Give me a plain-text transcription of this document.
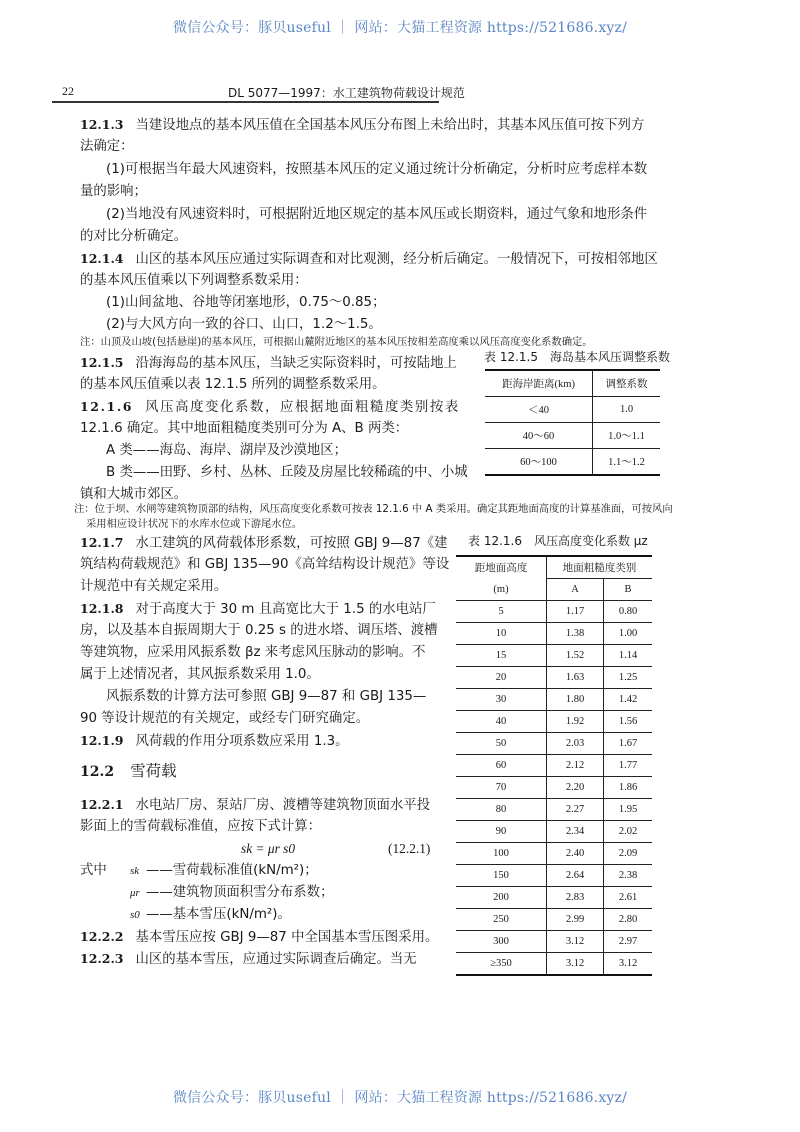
微信公众号：豚贝useful ｜ 网站：大猫工程资源 https://521686.xyz/
22	DL 5077—1997：水工建筑物荷载设计规范

12.1.3 当建设地点的基本风压值在全国基本风压分布图上未给出时，其基本风压值可按下列方

法确定：

(1)可根据当年最大风速资料，按照基本风压的定义通过统计分析确定，分析时应考虑样本数

量的影响；

(2)当地没有风速资料时，可根据附近地区规定的基本风压或长期资料，通过气象和地形条件

的对比分析确定。

12.1.4 山区的基本风压应通过实际调查和对比观测，经分析后确定。一般情况下，可按相邻地区

的基本风压值乘以下列调整系数采用：

(1)山间盆地、谷地等闭塞地形，0.75～0.85；

(2)与大风方向一致的谷口、山口，1.2～1.5。

注：山顶及山坡(包括悬崖)的基本风压，可根据山麓附近地区的基本风压按相差高度乘以风压高度变化系数确定。

12.1.5 沿海海岛的基本风压，当缺乏实际资料时，可按陆地上

的基本风压值乘以表 12.1.5 所列的调整系数采用。

12.1.6 风压高度变化系数，应根据地面粗糙度类别按表

12.1.6 确定。其中地面粗糙度类别可分为 A、B 两类：

A 类——海岛、海岸、湖岸及沙漠地区；

B 类——田野、乡村、丛林、丘陵及房屋比较稀疏的中、小城

镇和大城市郊区。

注：位于坝、水闸等建筑物顶部的结构，风压高度变化系数可按表 12.1.6 中 A 类采用。确定其距地面高度的计算基准面，可按风向
采用相应设计状况下的水库水位或下游尾水位。
表 12.1.5　海岛基本风压调整系数
距海岸距离(km)	调整系数
＜40	1.0
40～60	1.0～1.1
60～100	1.1～1.2

12.1.7 水工建筑的风荷载体形系数，可按照 GBJ 9—87《建

筑结构荷载规范》和 GBJ 135—90《高耸结构设计规范》等设

计规范中有关规定采用。

12.1.8 对于高度大于 30 m 且高宽比大于 1.5 的水电站厂

房，以及基本自振周期大于 0.25 s 的进水塔、调压塔、渡槽

等建筑物，应采用风振系数 βz 来考虑风压脉动的影响。不

属于上述情况者，其风振系数采用 1.0。

风振系数的计算方法可参照 GBJ 9—87 和 GBJ 135—

90 等设计规范的有关规定，或经专门研究确定。

12.1.9 风荷载的作用分项系数应采用 1.3。

12.2 雪荷载

12.2.1 水电站厂房、泵站厂房、渡槽等建筑物顶面水平投

影面上的雪荷载标准值，应按下式计算：

sk = μr s0	(12.2.1)

式中 sk ——雪荷载标准值(kN/m²)；

μr ——建筑物顶面积雪分布系数；

s0 ——基本雪压(kN/m²)。

12.2.2 基本雪压应按 GBJ 9—87 中全国基本雪压图采用。

12.2.3 山区的基本雪压，应通过实际调查后确定。当无

表 12.1.6　风压高度变化系数 μz
距地面高度	地面粗糙度类别	
(m)	A	B
5	1.17	0.80
10	1.38	1.00
15	1.52	1.14
20	1.63	1.25
30	1.80	1.42
40	1.92	1.56
50	2.03	1.67
60	2.12	1.77
70	2.20	1.86
80	2.27	1.95
90	2.34	2.02
100	2.40	2.09
150	2.64	2.38
200	2.83	2.61
250	2.99	2.80
300	3.12	2.97
≥350	3.12	3.12
微信公众号：豚贝useful ｜ 网站：大猫工程资源 https://521686.xyz/
